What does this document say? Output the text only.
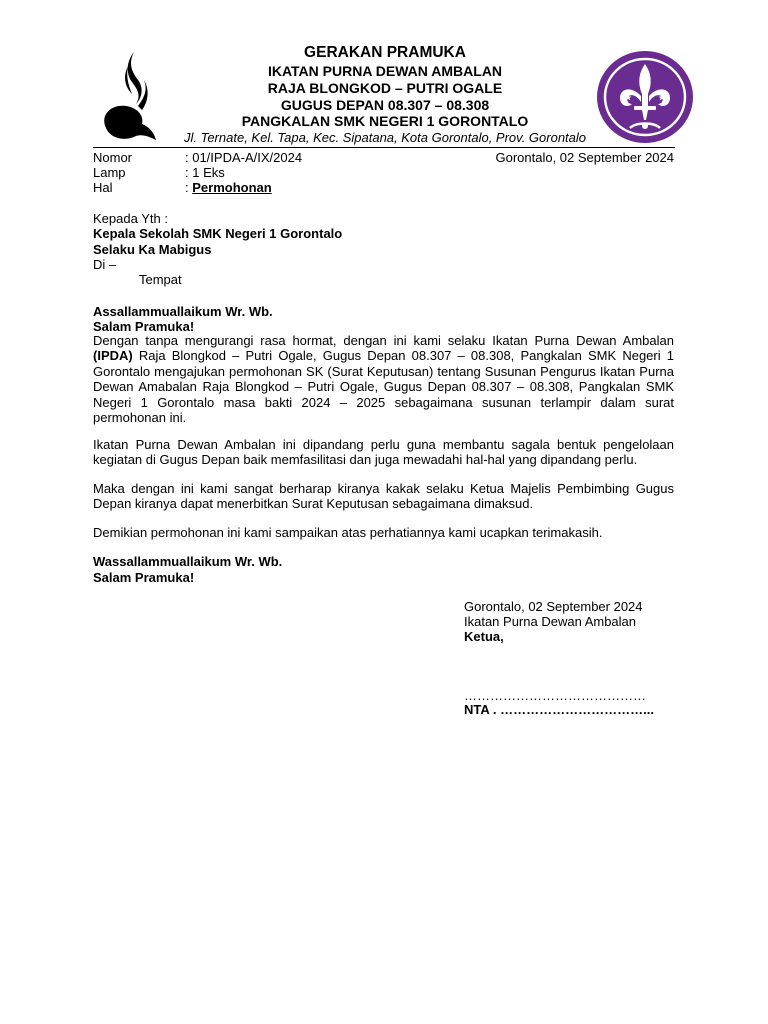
GERAKAN PRAMUKA
IKATAN PURNA DEWAN AMBALAN
RAJA BLONGKOD – PUTRI OGALE
GUGUS DEPAN 08.307 – 08.308
PANGKALAN SMK NEGERI 1 GORONTALO
Jl. Ternate, Kel. Tapa, Kec. Sipatana, Kota Gorontalo, Prov. Gorontalo
Nomor	: 01/IPDA-A/IX/2024	Gorontalo, 02 September 2024
Lamp	: 1 Eks
Hal	: Permohonan
Kepada Yth :
Kepala Sekolah SMK Negeri 1 Gorontalo
Selaku Ka Mabigus
Di –
Tempat
Assallammuallaikum Wr. Wb.
Salam Pramuka!
Dengan tanpa mengurangi rasa hormat, dengan ini kami selaku Ikatan Purna Dewan Ambalan (IPDA) Raja Blongkod – Putri Ogale, Gugus Depan 08.307 – 08.308, Pangkalan SMK Negeri 1 Gorontalo mengajukan permohonan SK (Surat Keputusan) tentang Susunan Pengurus Ikatan Purna Dewan Amabalan Raja Blongkod – Putri Ogale, Gugus Depan 08.307 – 08.308, Pangkalan SMK Negeri 1 Gorontalo masa bakti 2024 – 2025 sebagaimana susunan terlampir dalam surat permohonan ini.
Ikatan Purna Dewan Ambalan ini dipandang perlu guna membantu sagala bentuk pengelolaan kegiatan di Gugus Depan baik memfasilitasi dan juga mewadahi hal-hal yang dipandang perlu.
Maka dengan ini kami sangat berharap kiranya kakak selaku Ketua Majelis Pembimbing Gugus Depan kiranya dapat menerbitkan Surat Keputusan sebagaimana dimaksud.
Demikian permohonan ini kami sampaikan atas perhatiannya kami ucapkan terimakasih.
Wassallammuallaikum Wr. Wb.
Salam Pramuka!
Gorontalo, 02 September 2024
Ikatan Purna Dewan Ambalan
Ketua,
……………………………………
NTA . ……………………………...
